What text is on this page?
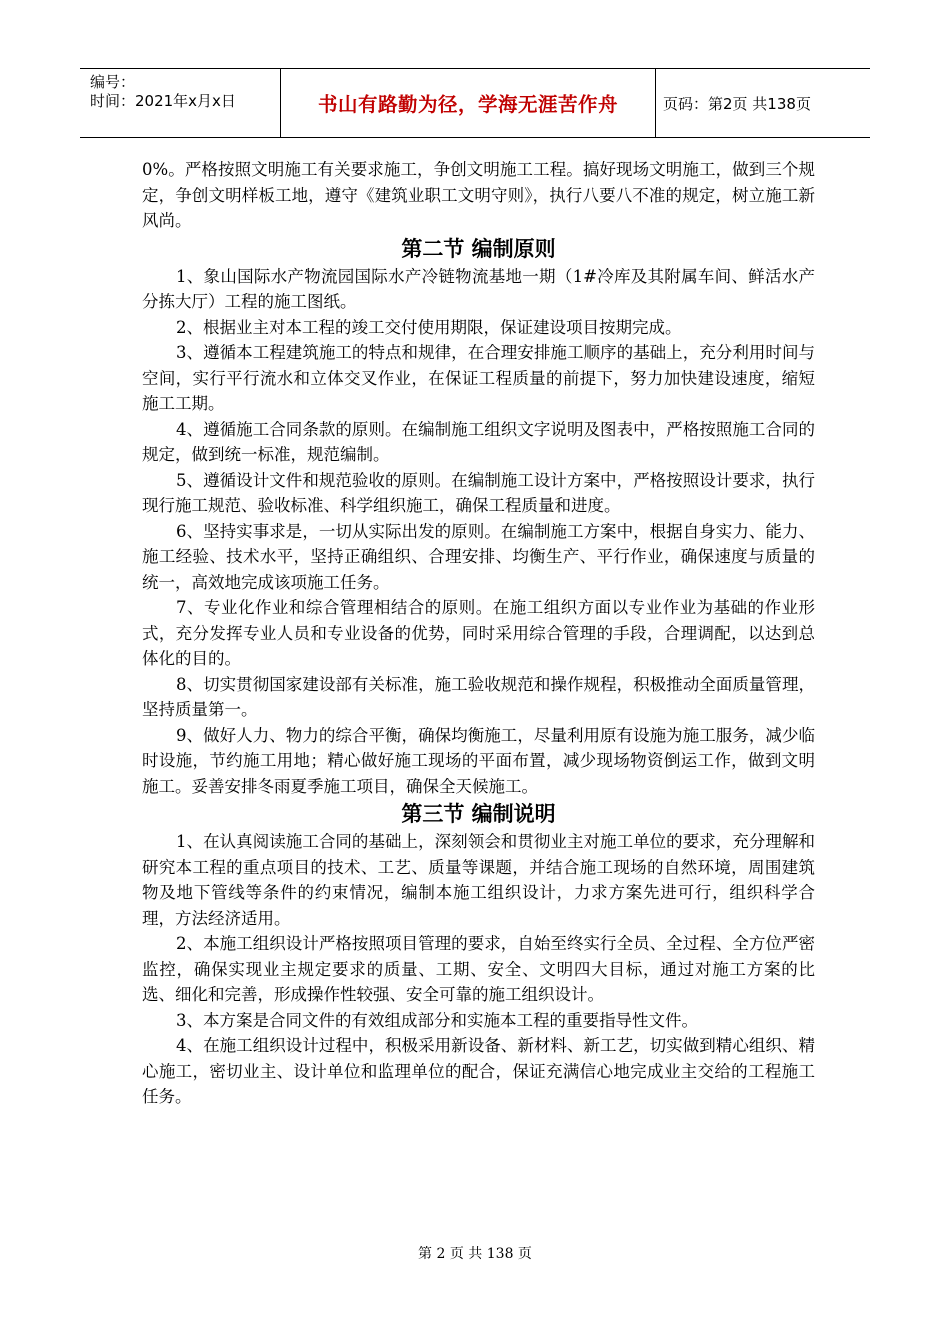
编号：
时间：2021年x月x日	书山有路勤为径，学海无涯苦作舟	页码：第2页 共138页

0%。严格按照文明施工有关要求施工，争创文明施工工程。搞好现场文明施工，做到三个规定，争创文明样板工地，遵守《建筑业职工文明守则》，执行八要八不准的规定，树立施工新风尚。

第二节 编制原则

1、象山国际水产物流园国际水产冷链物流基地一期（1#冷库及其附属车间、鲜活水产分拣大厅）工程的施工图纸。

2、根据业主对本工程的竣工交付使用期限，保证建设项目按期完成。

3、遵循本工程建筑施工的特点和规律，在合理安排施工顺序的基础上，充分利用时间与空间，实行平行流水和立体交叉作业，在保证工程质量的前提下，努力加快建设速度，缩短施工工期。

4、遵循施工合同条款的原则。在编制施工组织文字说明及图表中，严格按照施工合同的规定，做到统一标准，规范编制。

5、遵循设计文件和规范验收的原则。在编制施工设计方案中，严格按照设计要求，执行现行施工规范、验收标准、科学组织施工，确保工程质量和进度。

6、坚持实事求是，一切从实际出发的原则。在编制施工方案中，根据自身实力、能力、施工经验、技术水平，坚持正确组织、合理安排、均衡生产、平行作业，确保速度与质量的统一，高效地完成该项施工任务。

7、专业化作业和综合管理相结合的原则。在施工组织方面以专业作业为基础的作业形式，充分发挥专业人员和专业设备的优势，同时采用综合管理的手段，合理调配，以达到总体化的目的。

8、切实贯彻国家建设部有关标准，施工验收规范和操作规程，积极推动全面质量管理，坚持质量第一。

9、做好人力、物力的综合平衡，确保均衡施工，尽量利用原有设施为施工服务，减少临时设施，节约施工用地；精心做好施工现场的平面布置，减少现场物资倒运工作，做到文明施工。妥善安排冬雨夏季施工项目，确保全天候施工。

第三节 编制说明

1、在认真阅读施工合同的基础上，深刻领会和贯彻业主对施工单位的要求，充分理解和研究本工程的重点项目的技术、工艺、质量等课题，并结合施工现场的自然环境，周围建筑物及地下管线等条件的约束情况，编制本施工组织设计，力求方案先进可行，组织科学合理，方法经济适用。

2、本施工组织设计严格按照项目管理的要求，自始至终实行全员、全过程、全方位严密监控，确保实现业主规定要求的质量、工期、安全、文明四大目标，通过对施工方案的比选、细化和完善，形成操作性较强、安全可靠的施工组织设计。

3、本方案是合同文件的有效组成部分和实施本工程的重要指导性文件。

4、在施工组织设计过程中，积极采用新设备、新材料、新工艺，切实做到精心组织、精心施工，密切业主、设计单位和监理单位的配合，保证充满信心地完成业主交给的工程施工任务。

第 2 页 共 138 页
